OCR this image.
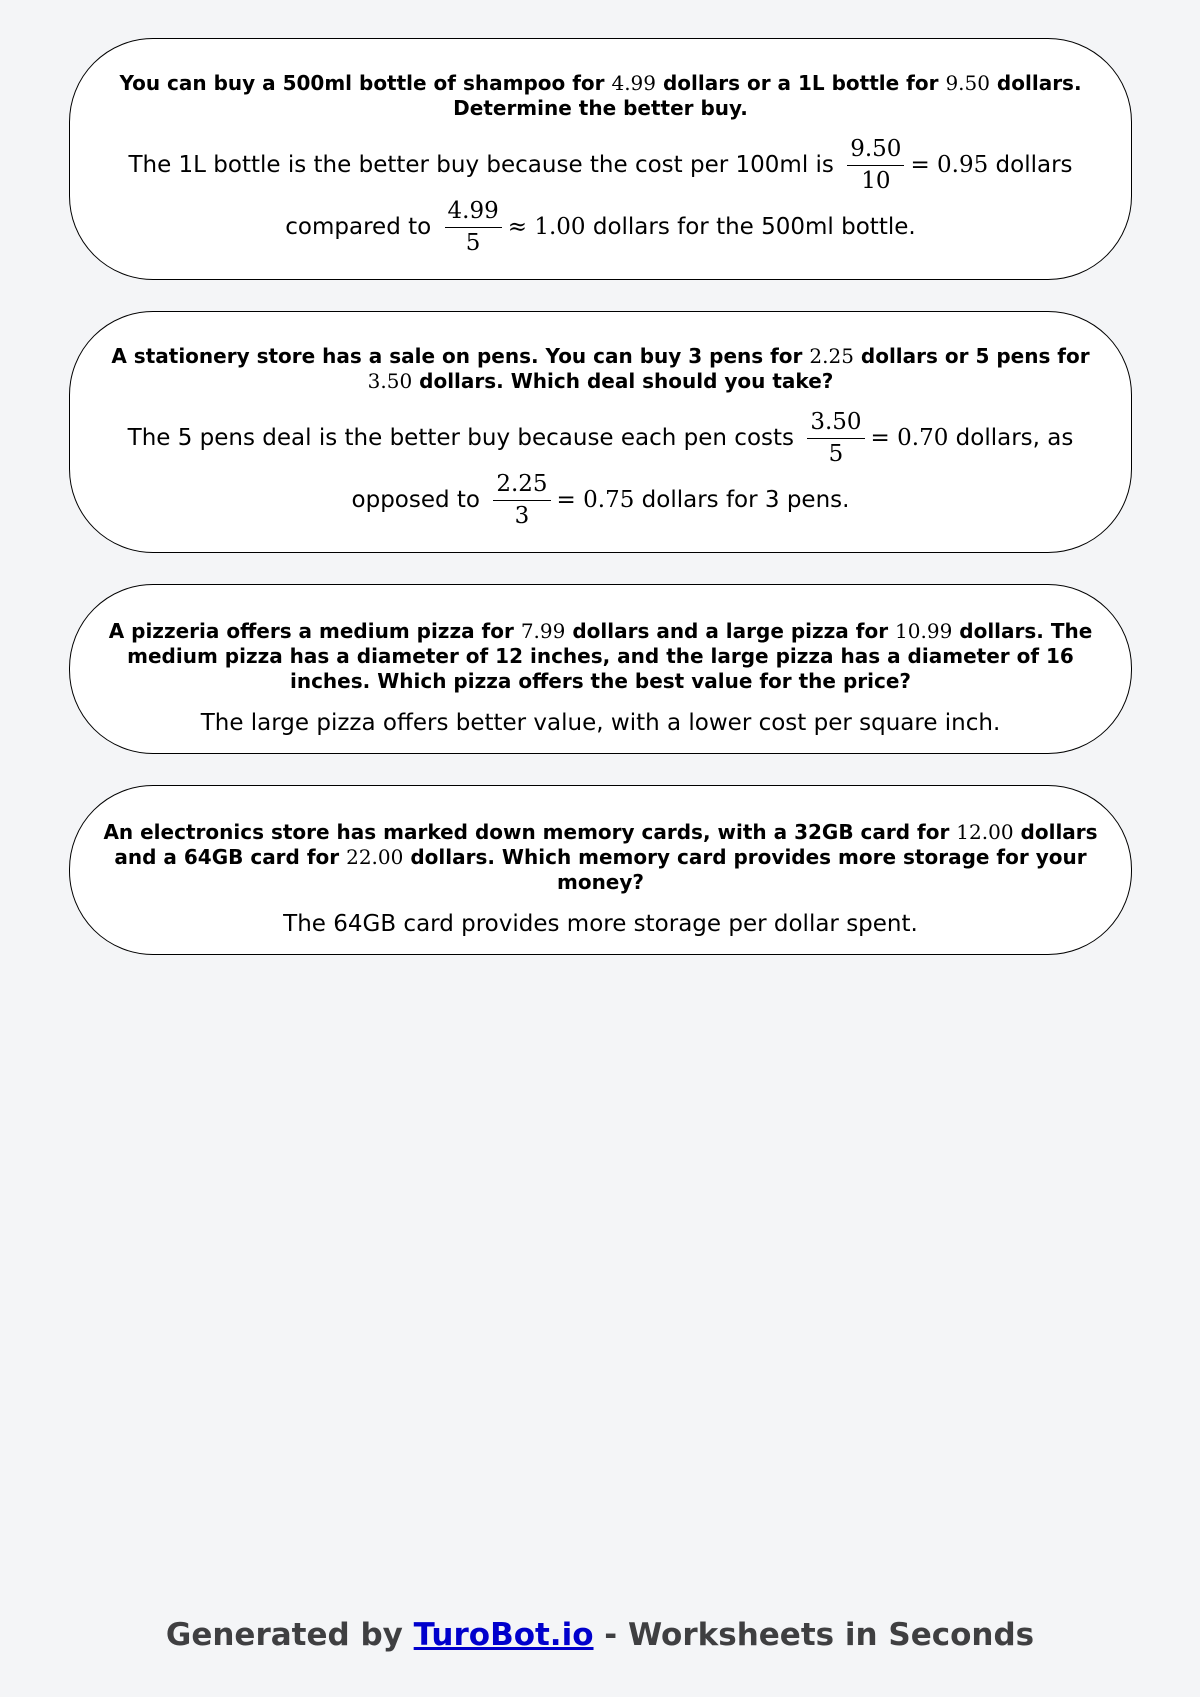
You can buy a 500ml bottle of shampoo for 4.99 dollars or a 1L bottle for 9.50 dollars. Determine the better buy.

The 1L bottle is the better buy because the cost per 100ml is $\frac{9.50}{10} = 0.95$ dollars compared to $\frac{4.99}{5} \approx 1.00$ dollars for the 500ml bottle.

A stationery store has a sale on pens. You can buy 3 pens for 2.25 dollars or 5 pens for 3.50 dollars. Which deal should you take?

The 5 pens deal is the better buy because each pen costs $\frac{3.50}{5} = 0.70$ dollars, as opposed to $\frac{2.25}{3} = 0.75$ dollars for 3 pens.

A pizzeria offers a medium pizza for 7.99 dollars and a large pizza for 10.99 dollars. The medium pizza has a diameter of 12 inches, and the large pizza has a diameter of 16 inches. Which pizza offers the best value for the price?

The large pizza offers better value, with a lower cost per square inch.

An electronics store has marked down memory cards, with a 32GB card for 12.00 dollars and a 64GB card for 22.00 dollars. Which memory card provides more storage for your money?

The 64GB card provides more storage per dollar spent.

Generated by TuroBot.io - Worksheets in Seconds
